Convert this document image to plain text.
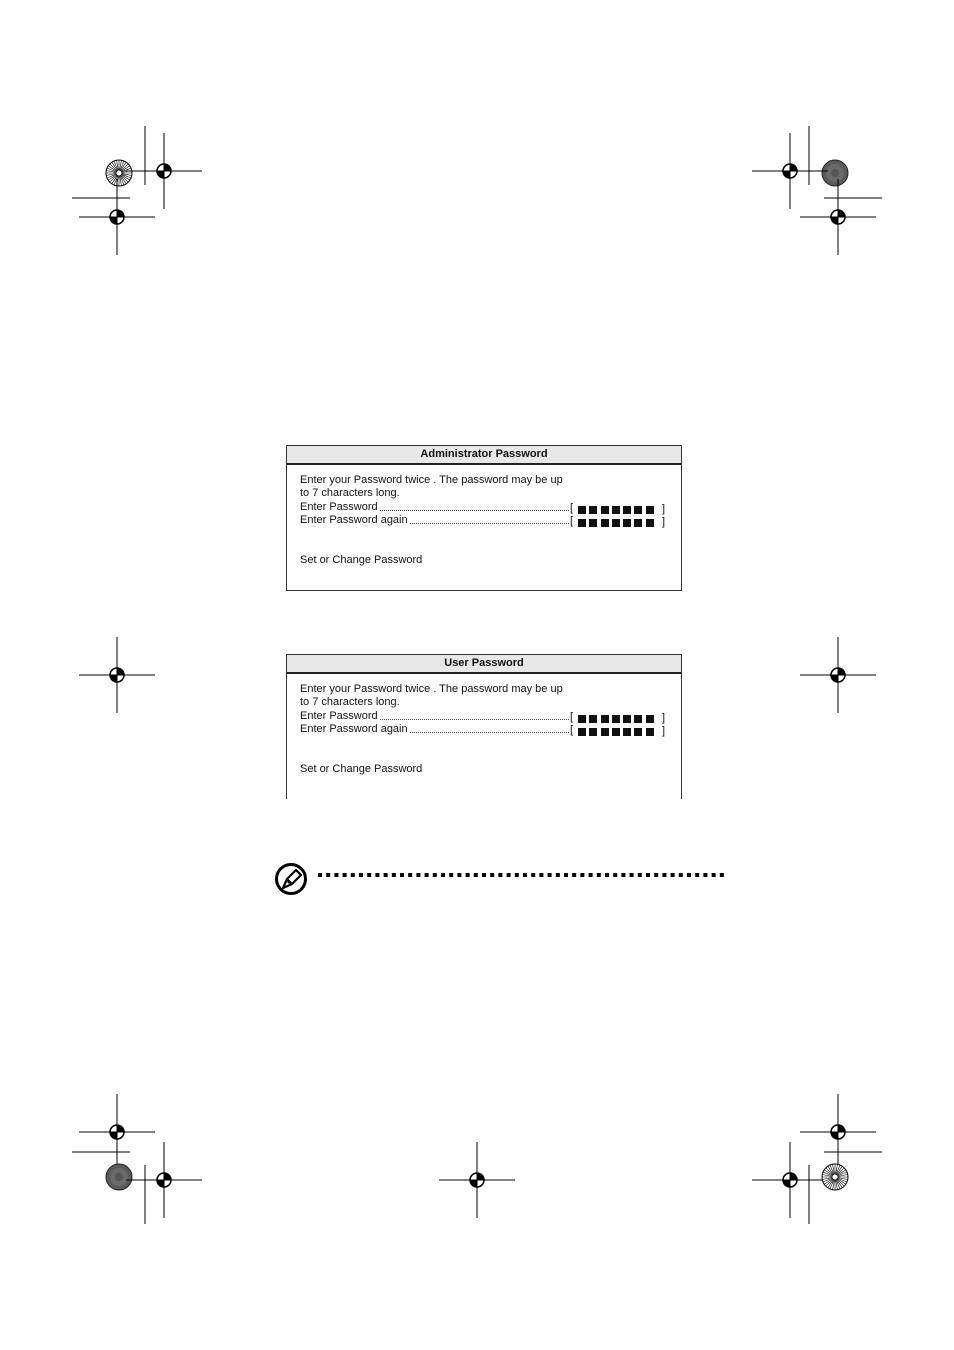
Administrator Password
Enter your Password twice . The password may be up
to 7 characters long.
Enter Password	[	]
Enter Password again	[	]
Set or Change Password
User Password
Enter your Password twice . The password may be up
to 7 characters long.
Enter Password	[	]
Enter Password again	[	]
Set or Change Password
